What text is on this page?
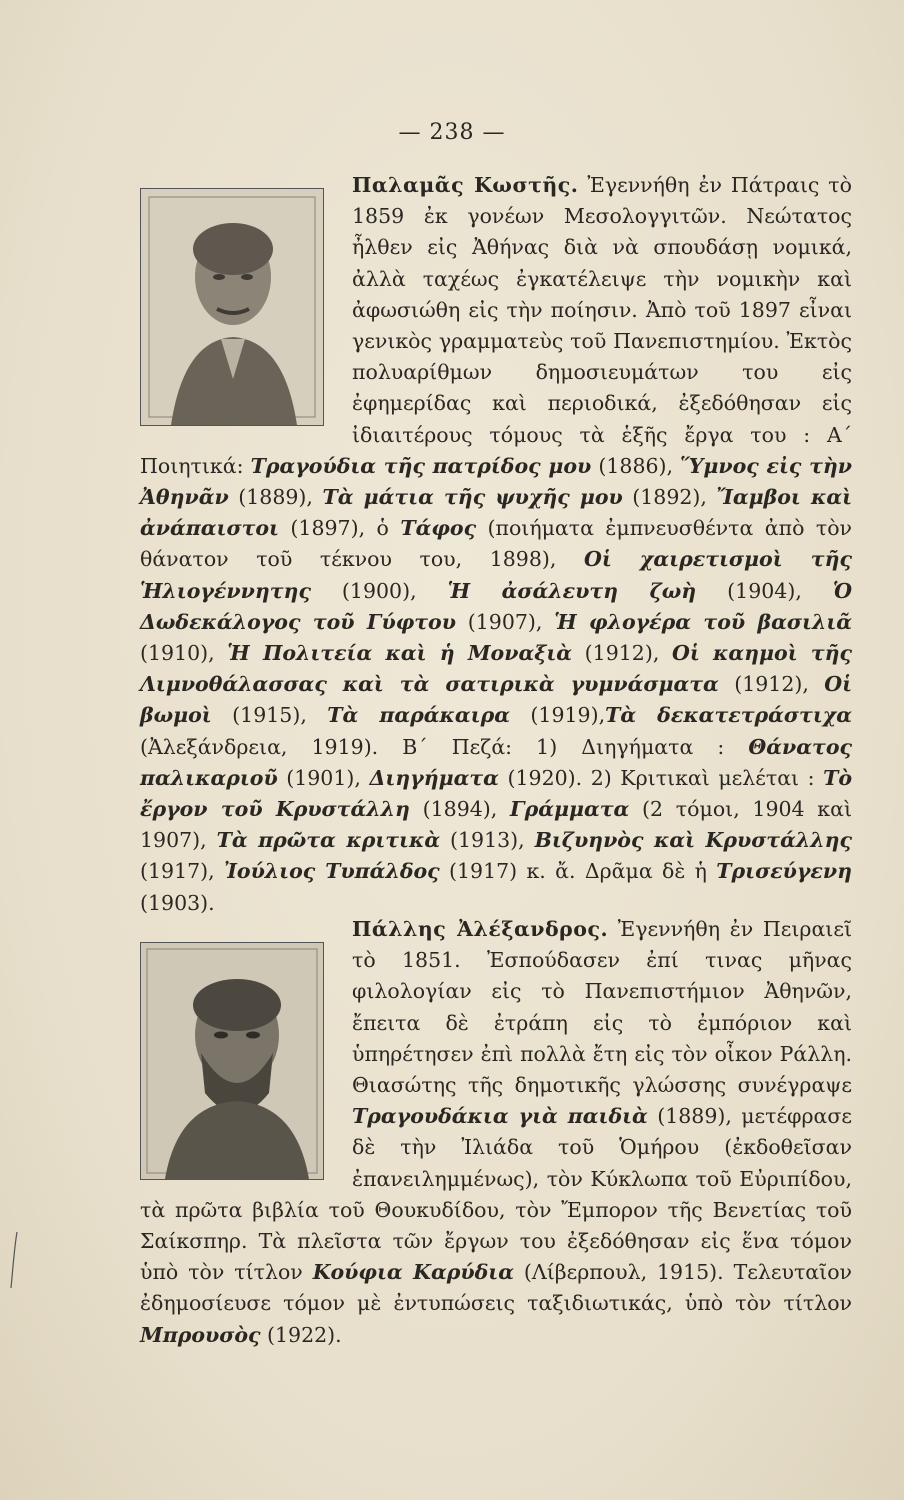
— 238 —
Παλαμᾶς Κωστῆς. Ἐγεννήθη ἐν Πάτραις τὸ 1859 ἐκ γονέων Μεσολογγιτῶν. Νεώτατος ἦλθεν εἰς Ἀθήνας διὰ νὰ σπουδάσῃ νομικά, ἀλλὰ ταχέως ἐγκατέλειψε τὴν νομικὴν καὶ ἀφωσιώθη εἰς τὴν ποίησιν. Ἀπὸ τοῦ 1897 εἶναι γενικὸς γραμματεὺς τοῦ Πανεπιστημίου. Ἐκτὸς πολυαρίθμων δημοσιευμάτων του εἰς ἐφημερίδας καὶ περιοδικά, ἐξεδόθησαν εἰς ἰδιαιτέρους τόμους τὰ ἑξῆς ἔργα του : Α΄ Ποιητικά: Τραγούδια τῆς πατρίδος μου (1886), Ὕμνος εἰς τὴν Ἀθηνᾶν (1889), Τὰ μάτια τῆς ψυχῆς μου (1892), Ἴαμβοι καὶ ἀνάπαιστοι (1897), ὁ Τάφος (ποιήματα ἐμπνευσθέντα ἀπὸ τὸν θάνατον τοῦ τέκνου του, 1898), Οἱ χαιρετισμοὶ τῆς Ἡλιογέννητης (1900), Ἡ ἀσάλευτη ζωὴ (1904), Ὁ Δωδεκάλογος τοῦ Γύφτου (1907), Ἡ φλογέρα τοῦ βασιλιᾶ (1910), Ἡ Πολιτεία καὶ ἡ Μοναξιὰ (1912), Οἱ καημοὶ τῆς Λιμνοθάλασσας καὶ τὰ σατιρικὰ γυμνάσματα (1912), Οἱ βωμοὶ (1915), Τὰ παράκαιρα (1919),Τὰ δεκατετράστιχα (Ἀλεξάνδρεια, 1919). Β΄ Πεζά: 1) Διηγήματα : Θάνατος παλικαριοῦ (1901), Διηγήματα (1920). 2) Κριτικαὶ μελέται : Τὸ ἔργον τοῦ Κρυστάλλη (1894), Γράμματα (2 τόμοι, 1904 καὶ 1907), Τὰ πρῶτα κριτικὰ (1913), Βιζυηνὸς καὶ Κρυστάλλης (1917), Ἰούλιος Τυπάλδος (1917) κ. ἄ. Δρᾶμα δὲ ἡ Τρισεύγενη (1903).
Πάλλης Ἀλέξανδρος. Ἐγεννήθη ἐν Πειραιεῖ τὸ 1851. Ἐσπούδασεν ἐπί τινας μῆνας φιλολογίαν εἰς τὸ Πανεπιστήμιον Ἀθηνῶν, ἔπειτα δὲ ἐτράπη εἰς τὸ ἐμπόριον καὶ ὑπηρέτησεν ἐπὶ πολλὰ ἔτη εἰς τὸν οἶκον Ράλλη. Θιασώτης τῆς δημοτικῆς γλώσσης συνέγραψε Τραγουδάκια γιὰ παιδιὰ (1889), μετέφρασε δὲ τὴν Ἰλιάδα τοῦ Ὁμήρου (ἐκδοθεῖσαν ἐπανειλημμένως), τὸν Κύκλωπα τοῦ Εὐριπίδου, τὰ πρῶτα βιβλία τοῦ Θουκυδίδου, τὸν Ἔμπορον τῆς Βενετίας τοῦ Σαίκσπηρ. Τὰ πλεῖστα τῶν ἔργων του ἐξεδόθησαν εἰς ἕνα τόμον ὑπὸ τὸν τίτλον Κούφια Καρύδια (Λίβερπουλ, 1915). Τελευταῖον ἐδημοσίευσε τόμον μὲ ἐντυπώσεις ταξιδιωτικάς, ὑπὸ τὸν τίτλον Μπρουσὸς (1922).
